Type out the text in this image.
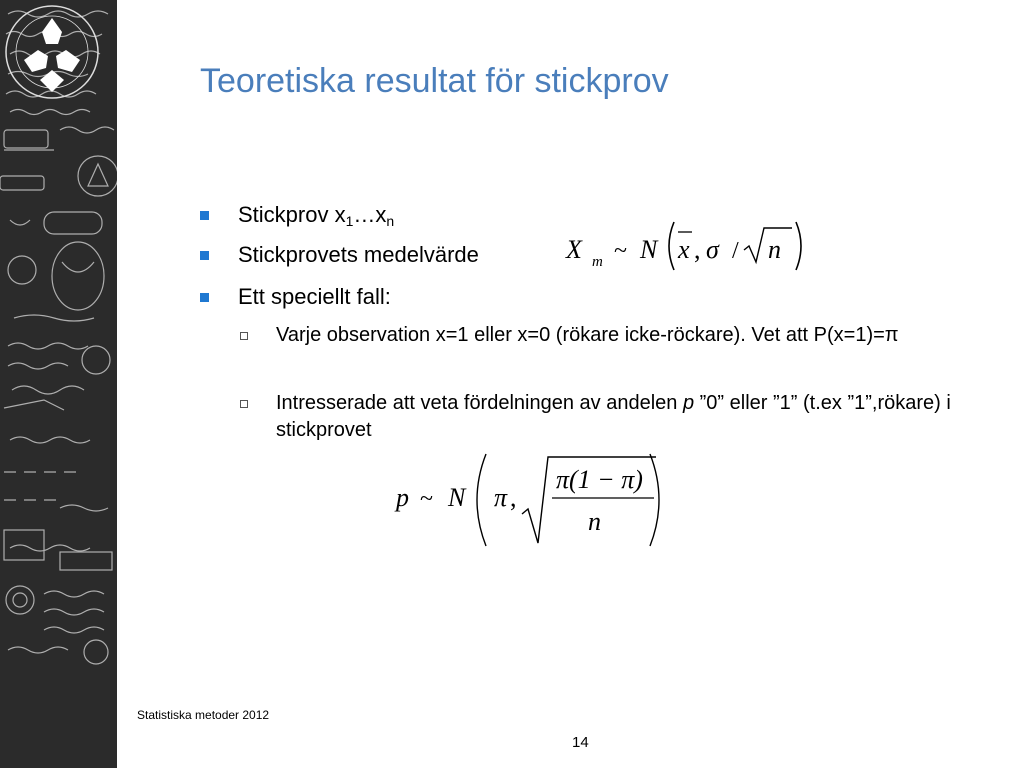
Teoretiska resultat för stickprov
Stickprov $x_1\dots x_n$
Stickprovets medelvärde
Ett speciellt fall:
Varje observation x=1 eller x=0 (rökare icke-röckare). Vet att P(x=1)=π
Intresserade att veta fördelningen av andelen p ”0” eller ”1” (t.ex ”1”,rökare) i stickprovet
X m ~ N x , σ / n
p ~ N π ,
π(1 − π)
n
Statistiska metoder 2012
14
